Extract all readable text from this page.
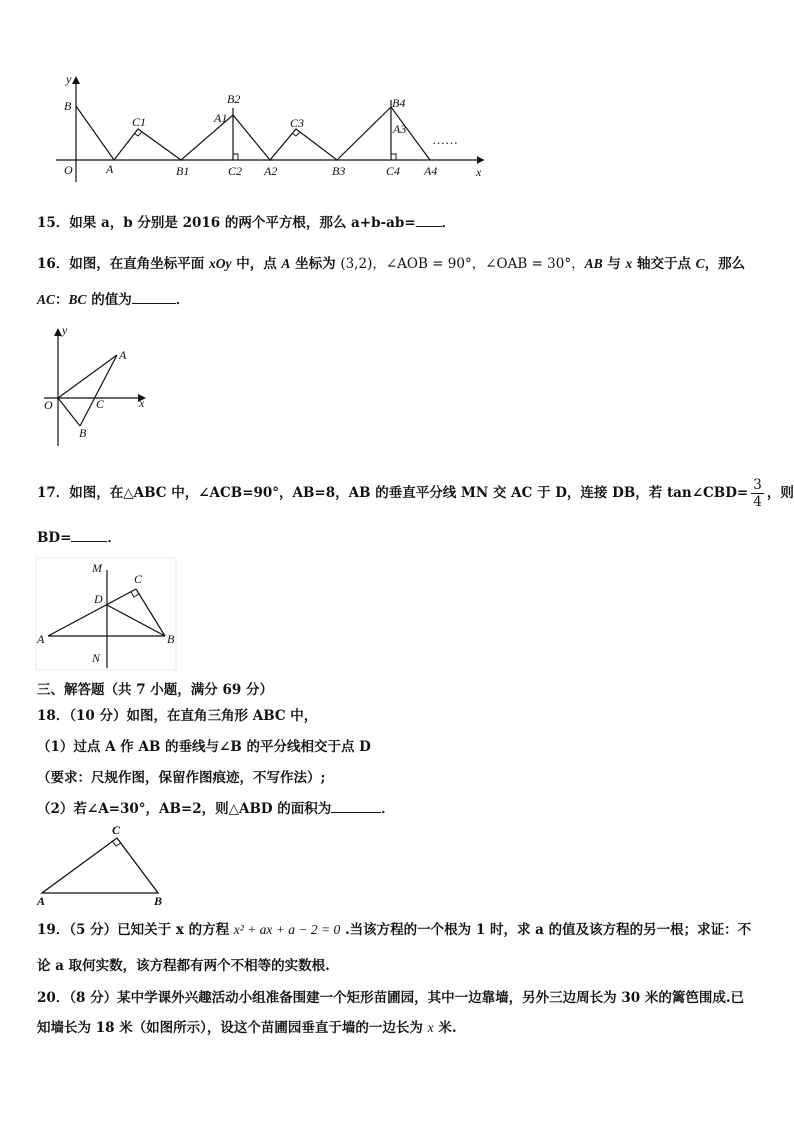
y
x
O
B
A
C1
B1
A1
B2
C2 A2
C3
B3	C4
A3
B4
A4
……
15．如果 a，b 分别是 2016 的两个平方根，那么 a+b-ab= ．
16．如图，在直角坐标平面 xOy 中，点 A 坐标为 (3,2)，∠AOB = 90°，∠OAB = 30°，AB 与 x 轴交于点 C，那么
AC：BC 的值为	．
y
x
O
A
B
C
17．如图，在△ABC 中，∠ACB=90°，AB=8，AB 的垂直平分线 MN 交 AC 于 D，连接 DB，若 tan∠CBD= $\frac{3}{4}$ ，则
BD=	．
M
C
D
A	B
N
三、解答题（共 7 小题，满分 69 分）
18．（10 分）如图，在直角三角形 ABC 中，
（1）过点 A 作 AB 的垂线与∠B 的平分线相交于点 D
（要求：尺规作图，保留作图痕迹，不写作法）;
（2）若∠A=30°，AB=2，则△ABD 的面积为	．
C
A	B
19．（5 分）已知关于 x 的方程 x² + ax + a − 2 = 0 .当该方程的一个根为 1 时，求 a 的值及该方程的另一根；求证：不
论 a 取何实数，该方程都有两个不相等的实数根.
20．（8 分）某中学课外兴趣活动小组准备围建一个矩形苗圃园，其中一边靠墙，另外三边周长为 30 米的篱笆围成.已
知墙长为 18 米（如图所示），设这个苗圃园垂直于墙的一边长为 x 米.
